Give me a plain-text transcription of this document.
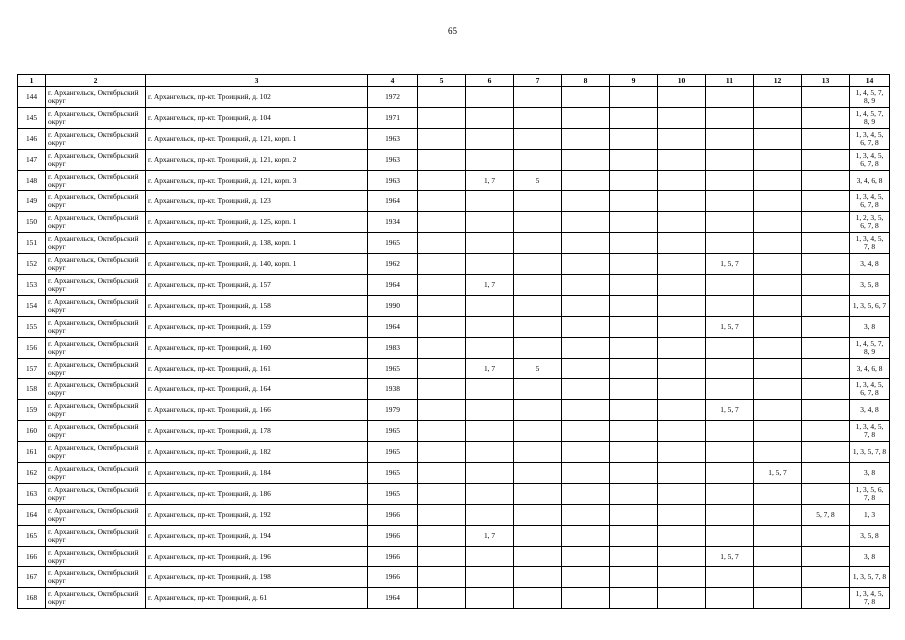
65
1	2	3	4	5	6	7	8	9	10	11	12	13	14
144	г. Архангельск, Октябрьский округ	г. Архангельск, пр-кт. Троицкий, д. 102	1972										1, 4, 5, 7, 8, 9
145	г. Архангельск, Октябрьский округ	г. Архангельск, пр-кт. Троицкий, д. 104	1971										1, 4, 5, 7, 8, 9
146	г. Архангельск, Октябрьский округ	г. Архангельск, пр-кт. Троицкий, д. 121, корп. 1	1963										1, 3, 4, 5, 6, 7, 8
147	г. Архангельск, Октябрьский округ	г. Архангельск, пр-кт. Троицкий, д. 121, корп. 2	1963										1, 3, 4, 5, 6, 7, 8
148	г. Архангельск, Октябрьский округ	г. Архангельск, пр-кт. Троицкий, д. 121, корп. 3	1963		1, 7	5							3, 4, 6, 8
149	г. Архангельск, Октябрьский округ	г. Архангельск, пр-кт. Троицкий, д. 123	1964										1, 3, 4, 5, 6, 7, 8
150	г. Архангельск, Октябрьский округ	г. Архангельск, пр-кт. Троицкий, д. 125, корп. 1	1934										1, 2, 3, 5, 6, 7, 8
151	г. Архангельск, Октябрьский округ	г. Архангельск, пр-кт. Троицкий, д. 138, корп. 1	1965										1, 3, 4, 5, 7, 8
152	г. Архангельск, Октябрьский округ	г. Архангельск, пр-кт. Троицкий, д. 140, корп. 1	1962							1, 5, 7			3, 4, 8
153	г. Архангельск, Октябрьский округ	г. Архангельск, пр-кт. Троицкий, д. 157	1964		1, 7								3, 5, 8
154	г. Архангельск, Октябрьский округ	г. Архангельск, пр-кт. Троицкий, д. 158	1990										1, 3, 5, 6, 7
155	г. Архангельск, Октябрьский округ	г. Архангельск, пр-кт. Троицкий, д. 159	1964							1, 5, 7			3, 8
156	г. Архангельск, Октябрьский округ	г. Архангельск, пр-кт. Троицкий, д. 160	1983										1, 4, 5, 7, 8, 9
157	г. Архангельск, Октябрьский округ	г. Архангельск, пр-кт. Троицкий, д. 161	1965		1, 7	5							3, 4, 6, 8
158	г. Архангельск, Октябрьский округ	г. Архангельск, пр-кт. Троицкий, д. 164	1938										1, 3, 4, 5, 6, 7, 8
159	г. Архангельск, Октябрьский округ	г. Архангельск, пр-кт. Троицкий, д. 166	1979							1, 5, 7			3, 4, 8
160	г. Архангельск, Октябрьский округ	г. Архангельск, пр-кт. Троицкий, д. 178	1965										1, 3, 4, 5, 7, 8
161	г. Архангельск, Октябрьский округ	г. Архангельск, пр-кт. Троицкий, д. 182	1965										1, 3, 5, 7, 8
162	г. Архангельск, Октябрьский округ	г. Архангельск, пр-кт. Троицкий, д. 184	1965								1, 5, 7		3, 8
163	г. Архангельск, Октябрьский округ	г. Архангельск, пр-кт. Троицкий, д. 186	1965										1, 3, 5, 6, 7, 8
164	г. Архангельск, Октябрьский округ	г. Архангельск, пр-кт. Троицкий, д. 192	1966									5, 7, 8	1, 3
165	г. Архангельск, Октябрьский округ	г. Архангельск, пр-кт. Троицкий, д. 194	1966		1, 7								3, 5, 8
166	г. Архангельск, Октябрьский округ	г. Архангельск, пр-кт. Троицкий, д. 196	1966							1, 5, 7			3, 8
167	г. Архангельск, Октябрьский округ	г. Архангельск, пр-кт. Троицкий, д. 198	1966										1, 3, 5, 7, 8
168	г. Архангельск, Октябрьский округ	г. Архангельск, пр-кт. Троицкий, д. 61	1964										1, 3, 4, 5, 7, 8
